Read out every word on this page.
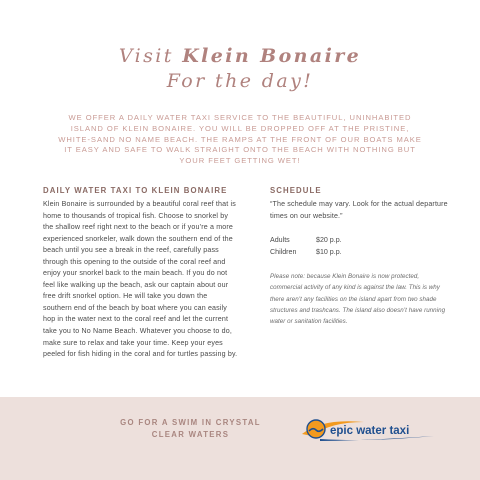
Visit Klein Bonaire
For the day!
WE OFFER A DAILY WATER TAXI SERVICE TO THE BEAUTIFUL, UNINHABITED ISLAND OF KLEIN BONAIRE. YOU WILL BE DROPPED OFF AT THE PRISTINE, WHITE-SAND NO NAME BEACH. THE RAMPS AT THE FRONT OF OUR BOATS MAKE IT EASY AND SAFE TO WALK STRAIGHT ONTO THE BEACH WITH NOTHING BUT YOUR FEET GETTING WET!
DAILY WATER TAXI TO KLEIN BONAIRE
Klein Bonaire is surrounded by a beautiful coral reef that is home to thousands of tropical fish. Choose to snorkel by the shallow reef right next to the beach or if you’re a more experienced snorkeler, walk down the southern end of the beach until you see a break in the reef, carefully pass through this opening to the outside of the coral reef and enjoy your snorkel back to the main beach. If you do not feel like walking up the beach, ask our captain about our free drift snorkel option. He will take you down the southern end of the beach by boat where you can easily hop in the water next to the coral reef and let the current take you to No Name Beach. Whatever you choose to do, make sure to relax and take your time. Keep your eyes peeled for fish hiding in the coral and for turtles passing by.
SCHEDULE
“The schedule may vary. Look for the actual departure times on our website.”
Adults	$20 p.p.
Children	$10 p.p.
Please note: because Klein Bonaire is now protected, commercial activity of any kind is against the law. This is why there aren’t any facilities on the island apart from two shade structures and trashcans. The island also doesn’t have running water or sanitation facilities.
GO FOR A SWIM IN CRYSTAL CLEAR WATERS	epic water taxi
